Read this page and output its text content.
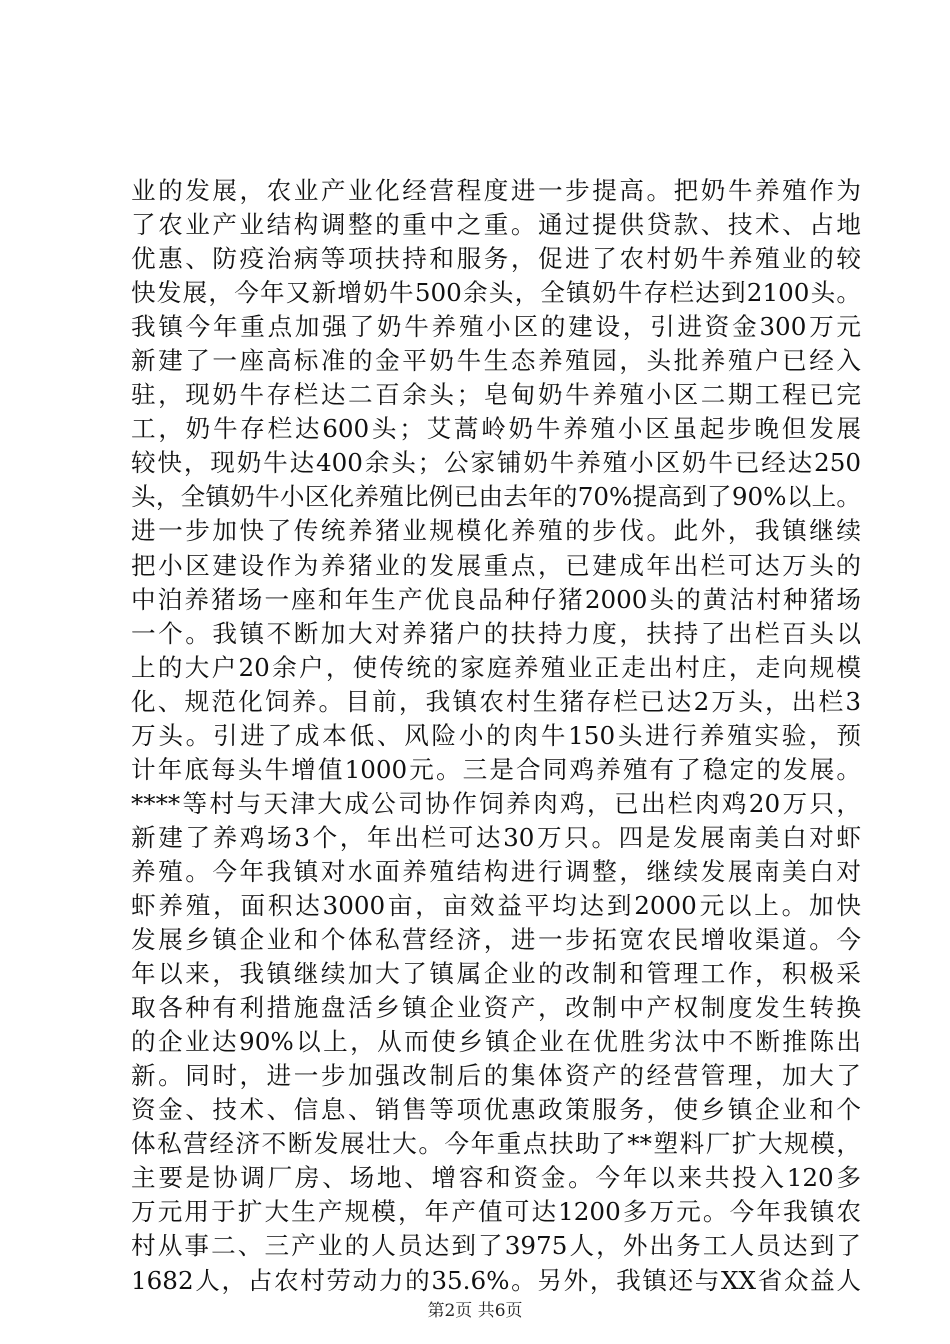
业的发展，农业产业化经营程度进一步提高。把奶牛养殖作为
了农业产业结构调整的重中之重。通过提供贷款、技术、占地
优惠、防疫治病等项扶持和服务，促进了农村奶牛养殖业的较
快发展，今年又新增奶牛500余头，全镇奶牛存栏达到2100头。
我镇今年重点加强了奶牛养殖小区的建设，引进资金300万元
新建了一座高标准的金平奶牛生态养殖园，头批养殖户已经入
驻，现奶牛存栏达二百余头；皂甸奶牛养殖小区二期工程已完
工，奶牛存栏达600头；艾蒿岭奶牛养殖小区虽起步晚但发展
较快，现奶牛达400余头；公家铺奶牛养殖小区奶牛已经达250
头，全镇奶牛小区化养殖比例已由去年的70%提高到了90%以上。
进一步加快了传统养猪业规模化养殖的步伐。此外，我镇继续
把小区建设作为养猪业的发展重点，已建成年出栏可达万头的
中泊养猪场一座和年生产优良品种仔猪2000头的黄沽村种猪场
一个。我镇不断加大对养猪户的扶持力度，扶持了出栏百头以
上的大户20余户，使传统的家庭养殖业正走出村庄，走向规模
化、规范化饲养。目前，我镇农村生猪存栏已达2万头，出栏3
万头。引进了成本低、风险小的肉牛150头进行养殖实验，预
计年底每头牛增值1000元。三是合同鸡养殖有了稳定的发展。
****等村与天津大成公司协作饲养肉鸡，已出栏肉鸡20万只，
新建了养鸡场3个，年出栏可达30万只。四是发展南美白对虾
养殖。今年我镇对水面养殖结构进行调整，继续发展南美白对
虾养殖，面积达3000亩，亩效益平均达到2000元以上。加快
发展乡镇企业和个体私营经济，进一步拓宽农民增收渠道。今
年以来，我镇继续加大了镇属企业的改制和管理工作，积极采
取各种有利措施盘活乡镇企业资产，改制中产权制度发生转换
的企业达90%以上，从而使乡镇企业在优胜劣汰中不断推陈出
新。同时，进一步加强改制后的集体资产的经营管理，加大了
资金、技术、信息、销售等项优惠政策服务，使乡镇企业和个
体私营经济不断发展壮大。今年重点扶助了**塑料厂扩大规模，
主要是协调厂房、场地、增容和资金。今年以来共投入120多
万元用于扩大生产规模，年产值可达1200多万元。今年我镇农
村从事二、三产业的人员达到了3975人，外出务工人员达到了
1682人，占农村劳动力的35.6%。另外，我镇还与XX省众益人
第2页 共6页
